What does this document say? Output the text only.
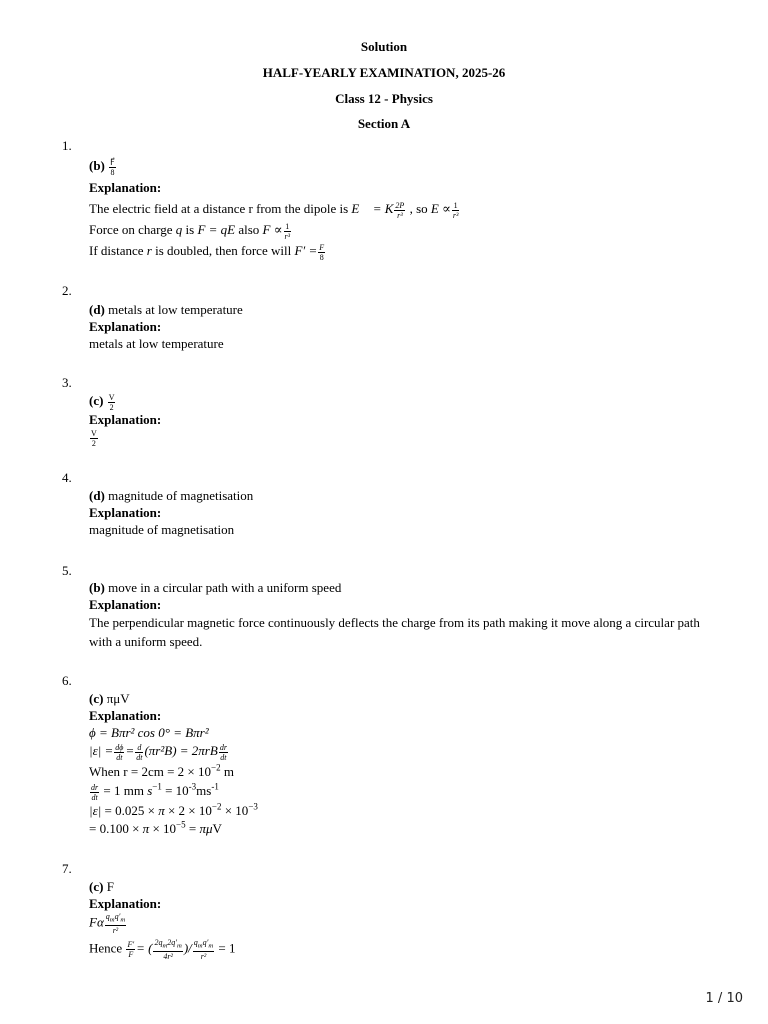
Solution
HALF-YEARLY EXAMINATION, 2025-26
Class 12 - Physics
Section A
1.
$(b) \frac{F⃗}{8}$
Explanation:
The electric field at a distance r from the dipole is E⃗ = K $\frac{2P}{\text{r³}}$ , so $E \propto \frac{1}{\text{r³}}$
Force on charge q is F = qE also $F \propto \frac{1}{\text{r³}}$
If distance r is doubled, then force will $F' = \frac{F}{8}$
2.
(d) metals at low temperature
Explanation:
metals at low temperature
3.
$(c) \frac{V}{2}$
Explanation:
$\frac{V}{2}$
4.
(d) magnitude of magnetisation
Explanation:
magnitude of magnetisation
5.
(b) move in a circular path with a uniform speed
Explanation:
The perpendicular magnetic force continuously deflects the charge from its path making it move along a circular path with a uniform speed.
6.
(c) πμV
Explanation:
ϕ = Bπr² cos 0° = Bπr²
$|\varepsilon| = \frac{d\phi}{dt} = \frac{d}{dt} (\pi r^2B) = 2\pi rB \frac{dr}{dt}$
When $r = 2cm = 2 \times 10^{-2}$ m
$\frac{dr}{dt} = 1$ mm $s^{-1} = 10^{-3}ms^{-1}$
$|\varepsilon| = 0.025 \times \pi \times 2 \times 10^{-2} \times 10^{-3}$
= $0.100 \times \pi \times 10^{-5} = \pi\mu V$
7.
(c) F
Explanation:
Fα $\frac{q_mq'_m}{\text{r²}}$
Hence $\frac{F'}{F}$ = ( $\frac{2q_m2q'_m}{\text{4r²}}$ )/ $\frac{q_mq'_m}{\text{r²}} = 1$
1 / 10
